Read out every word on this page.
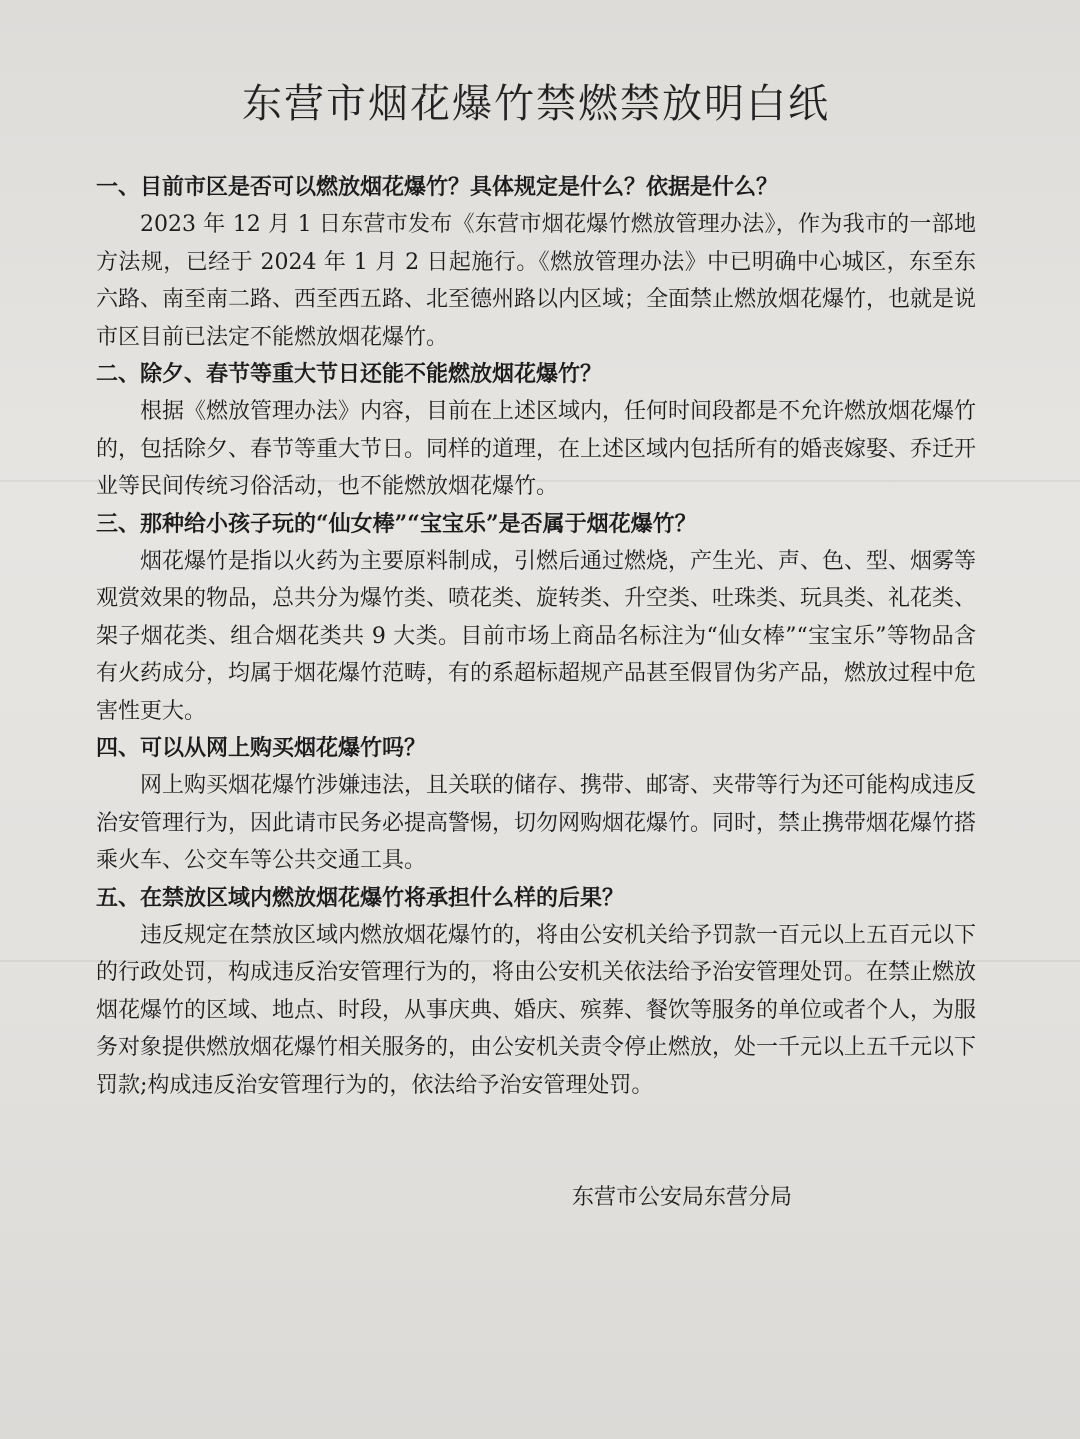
东营市烟花爆竹禁燃禁放明白纸

一、目前市区是否可以燃放烟花爆竹？具体规定是什么？依据是什么？

2023 年 12 月 1 日东营市发布《东营市烟花爆竹燃放管理办法》，作为我市的一部地方法规，已经于 2024 年 1 月 2 日起施行。《燃放管理办法》中已明确中心城区，东至东六路、南至南二路、西至西五路、北至德州路以内区域；全面禁止燃放烟花爆竹，也就是说市区目前已法定不能燃放烟花爆竹。

二、除夕、春节等重大节日还能不能燃放烟花爆竹？

根据《燃放管理办法》内容，目前在上述区域内，任何时间段都是不允许燃放烟花爆竹的，包括除夕、春节等重大节日。同样的道理，在上述区域内包括所有的婚丧嫁娶、乔迁开业等民间传统习俗活动，也不能燃放烟花爆竹。

三、那种给小孩子玩的“仙女棒”“宝宝乐”是否属于烟花爆竹？

烟花爆竹是指以火药为主要原料制成，引燃后通过燃烧，产生光、声、色、型、烟雾等观赏效果的物品，总共分为爆竹类、喷花类、旋转类、升空类、吐珠类、玩具类、礼花类、架子烟花类、组合烟花类共 9 大类。目前市场上商品名标注为“仙女棒”“宝宝乐”等物品含有火药成分，均属于烟花爆竹范畴，有的系超标超规产品甚至假冒伪劣产品，燃放过程中危害性更大。

四、可以从网上购买烟花爆竹吗？

网上购买烟花爆竹涉嫌违法，且关联的储存、携带、邮寄、夹带等行为还可能构成违反治安管理行为，因此请市民务必提高警惕，切勿网购烟花爆竹。同时，禁止携带烟花爆竹搭乘火车、公交车等公共交通工具。

五、在禁放区域内燃放烟花爆竹将承担什么样的后果？

违反规定在禁放区域内燃放烟花爆竹的，将由公安机关给予罚款一百元以上五百元以下的行政处罚，构成违反治安管理行为的，将由公安机关依法给予治安管理处罚。在禁止燃放烟花爆竹的区域、地点、时段，从事庆典、婚庆、殡葬、餐饮等服务的单位或者个人，为服务对象提供燃放烟花爆竹相关服务的，由公安机关责令停止燃放，处一千元以上五千元以下罚款;构成违反治安管理行为的，依法给予治安管理处罚。

东营市公安局东营分局
